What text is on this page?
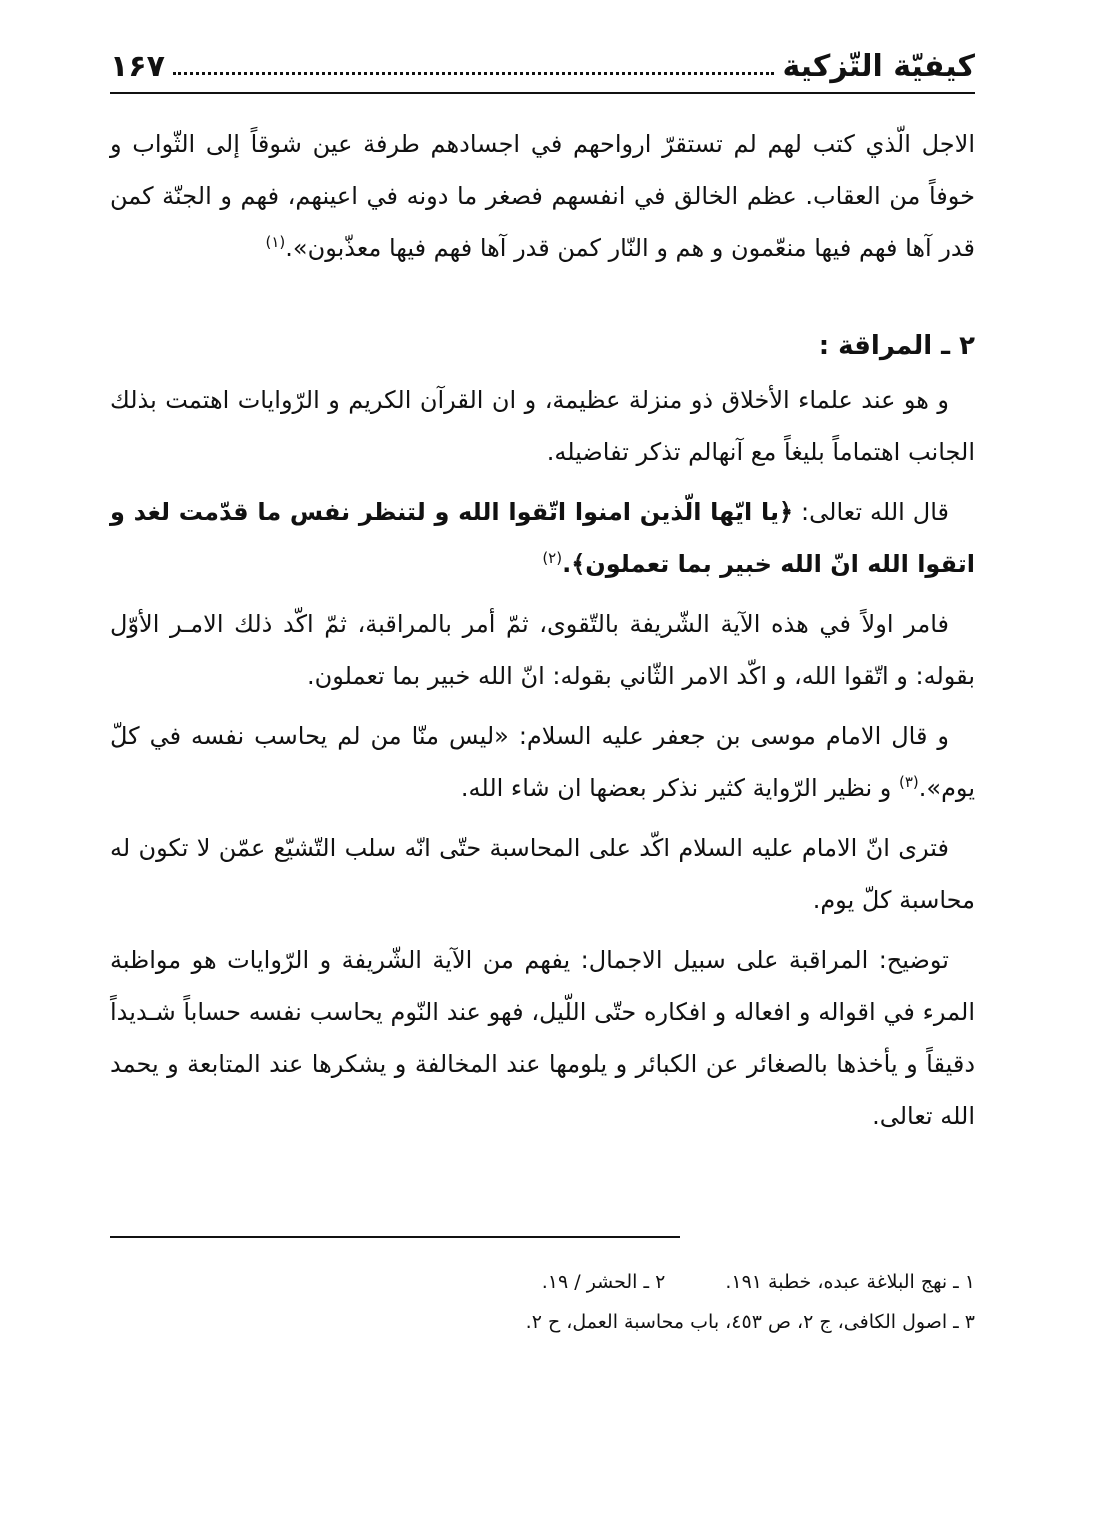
كيفيّة التّزكية
۱۶۷

الاجل الّذي كتب لهم لم تستقرّ ارواحهم في اجسادهم طرفة عين شوقاً إلى الثّواب و خوفاً من العقاب. عظم الخالق في انفسهم فصغر ما دونه في اعينهم، فهم و الجنّة كمن قدر آها فهم فيها منعّمون و هم و النّار كمن قدر آها فهم فيها معذّبون».$^{(۱)}$

۲ ـ المراقة :

و هو عند علماء الأخلاق ذو منزلة عظيمة، و ان القرآن الكريم و الرّوايات اهتمت بذلك الجانب اهتماماً بليغاً مع آنهالم تذكر تفاضيله.

قال الله تعالى: ﴿يا ايّها الّذين امنوا اتّقوا الله و لتنظر نفس ما قدّمت لغد و اتقوا الله انّ الله خبير بما تعملون﴾.$^{(۲)}$

فامر اولاً في هذه الآية الشّريفة بالتّقوى، ثمّ أمر بالمراقبة، ثمّ اكّد ذلك الامـر الأوّل بقوله: و اتّقوا الله، و اكّد الامر الثّاني بقوله: انّ الله خبير بما تعملون.

و قال الامام موسى بن جعفر عليه السلام: «ليس منّا من لم يحاسب نفسه في كلّ يوم».$^{(۳)}$ و نظير الرّواية كثير نذكر بعضها ان شاء الله.

فترى انّ الامام عليه السلام اكّد على المحاسبة حتّى انّه سلب التّشيّع عمّن لا تكون له محاسبة كلّ يوم.

توضيح: المراقبة على سبيل الاجمال: يفهم من الآية الشّريفة و الرّوايات هو مواظبة المرء في اقواله و افعاله و افكاره حتّى اللّيل، فهو عند النّوم يحاسب نفسه حساباً شـديداً دقيقاً و يأخذها بالصغائر عن الكبائر و يلومها عند المخالفة و يشكرها عند المتابعة و يحمد الله تعالى.

۱ ـ نهج البلاغة عبده، خطبة ۱۹۱.
۲ ـ الحشر / ۱۹.
۳ ـ اصول الكافى، ج ۲، ص ٤٥۳، باب محاسبة العمل، ح ۲.
